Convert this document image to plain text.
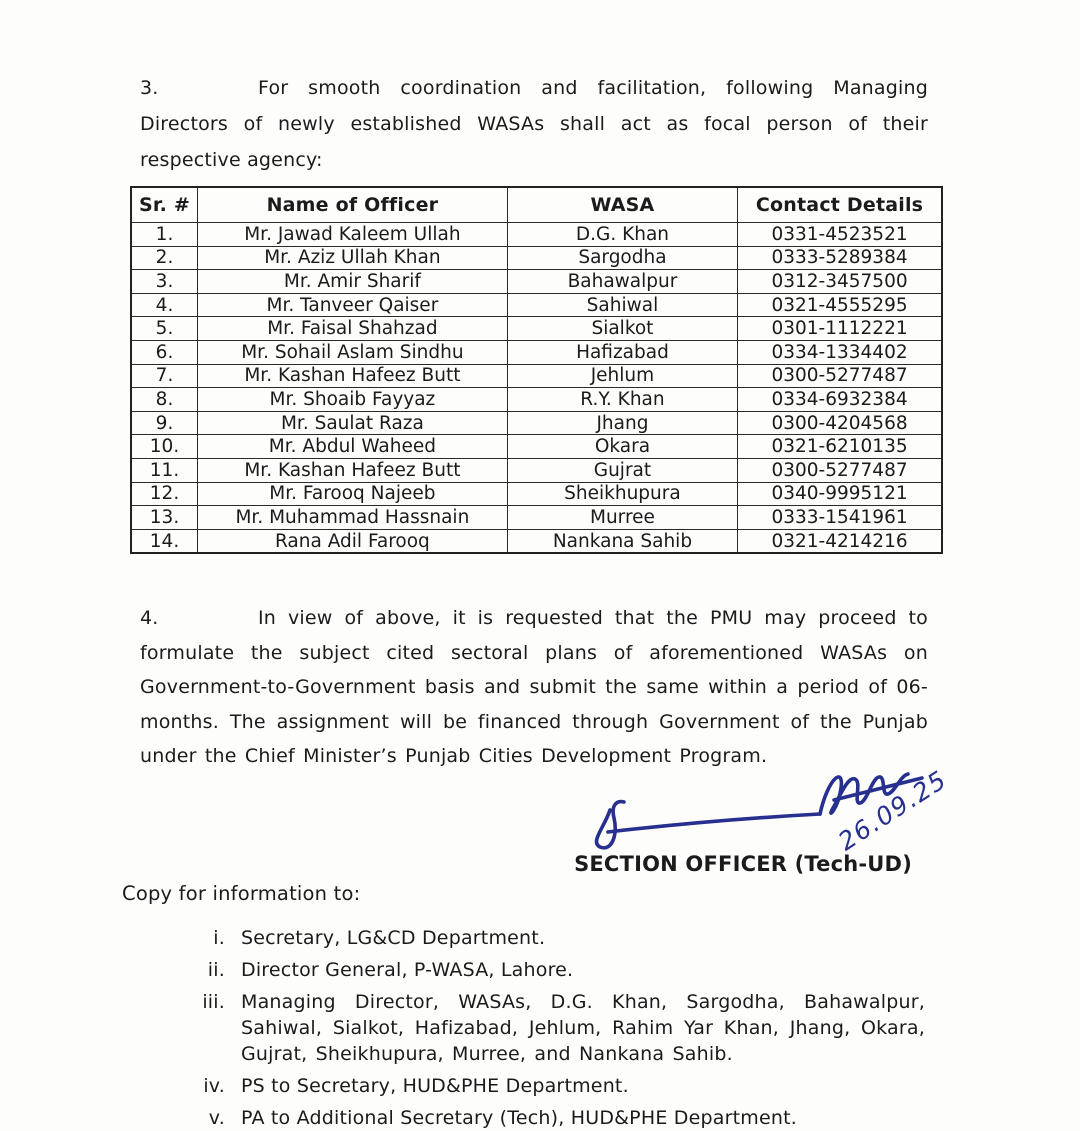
3.	For smooth coordination and facilitation, following Managing Directors of newly established WASAs shall act as focal person of their respective agency:
Sr. #	Name of Officer	WASA	Contact Details
1.	Mr. Jawad Kaleem Ullah	D.G. Khan	0331-4523521
2.	Mr. Aziz Ullah Khan	Sargodha	0333-5289384
3.	Mr. Amir Sharif	Bahawalpur	0312-3457500
4.	Mr. Tanveer Qaiser	Sahiwal	0321-4555295
5.	Mr. Faisal Shahzad	Sialkot	0301-1112221
6.	Mr. Sohail Aslam Sindhu	Hafizabad	0334-1334402
7.	Mr. Kashan Hafeez Butt	Jehlum	0300-5277487
8.	Mr. Shoaib Fayyaz	R.Y. Khan	0334-6932384
9.	Mr. Saulat Raza	Jhang	0300-4204568
10.	Mr. Abdul Waheed	Okara	0321-6210135
11.	Mr. Kashan Hafeez Butt	Gujrat	0300-5277487
12.	Mr. Farooq Najeeb	Sheikhupura	0340-9995121
13.	Mr. Muhammad Hassnain	Murree	0333-1541961
14.	Rana Adil Farooq	Nankana Sahib	0321-4214216
4.	In view of above, it is requested that the PMU may proceed to formulate the subject cited sectoral plans of aforementioned WASAs on Government-to-Government basis and submit the same within a period of 06-months. The assignment will be financed through Government of the Punjab under the Chief Minister’s Punjab Cities Development Program.
26.09.25
SECTION OFFICER (Tech-UD)
Copy for information to:
i. Secretary, LG&CD Department.
ii. Director General, P-WASA, Lahore.
iii. Managing Director, WASAs, D.G. Khan, Sargodha, Bahawalpur, Sahiwal, Sialkot, Hafizabad, Jehlum, Rahim Yar Khan, Jhang, Okara, Gujrat, Sheikhupura, Murree, and Nankana Sahib.
iv. PS to Secretary, HUD&PHE Department.
v. PA to Additional Secretary (Tech), HUD&PHE Department.
